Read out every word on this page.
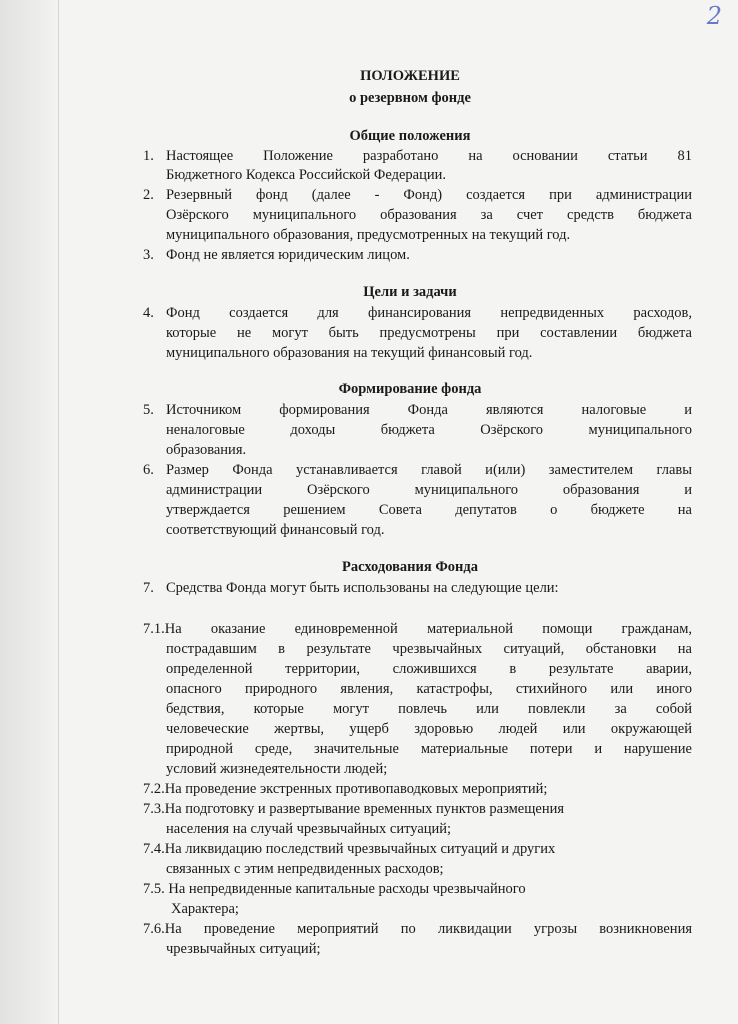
2
ПОЛОЖЕНИЕ
о резервном фонде
Общие положения
1. Настоящее Положение разработано на основании статьи 81
Бюджетного Кодекса Российской Федерации.
2. Резервный фонд (далее - Фонд) создается при администрации
Озёрского муниципального образования за счет средств бюджета
муниципального образования, предусмотренных на текущий год.
3. Фонд не является юридическим лицом.
Цели и задачи
4. Фонд создается для финансирования непредвиденных расходов,
которые не могут быть предусмотрены при составлении бюджета
муниципального образования на текущий финансовый год.
Формирование фонда
5. Источником формирования Фонда являются налоговые и
неналоговые доходы бюджета Озёрского муниципального
образования.
6. Размер Фонда устанавливается главой и(или) заместителем главы
администрации Озёрского муниципального образования и
утверждается решением Совета депутатов о бюджете на
соответствующий финансовый год.
Расходования Фонда
7. Средства Фонда могут быть использованы на следующие цели:
7.1.На оказание единовременной материальной помощи гражданам,
пострадавшим в результате чрезвычайных ситуаций, обстановки на
определенной территории, сложившихся в результате аварии,
опасного природного явления, катастрофы, стихийного или иного
бедствия, которые могут повлечь или повлекли за собой
человеческие жертвы, ущерб здоровью людей или окружающей
природной среде, значительные материальные потери и нарушение
условий жизнедеятельности людей;
7.2.На проведение экстренных противопаводковых мероприятий;
7.3.На подготовку и развертывание временных пунктов размещения
населения на случай чрезвычайных ситуаций;
7.4.На ликвидацию последствий чрезвычайных ситуаций и других
связанных с этим непредвиденных расходов;
7.5. На непредвиденные капитальные расходы чрезвычайного
Характера;
7.6.На проведение мероприятий по ликвидации угрозы возникновения
чрезвычайных ситуаций;
